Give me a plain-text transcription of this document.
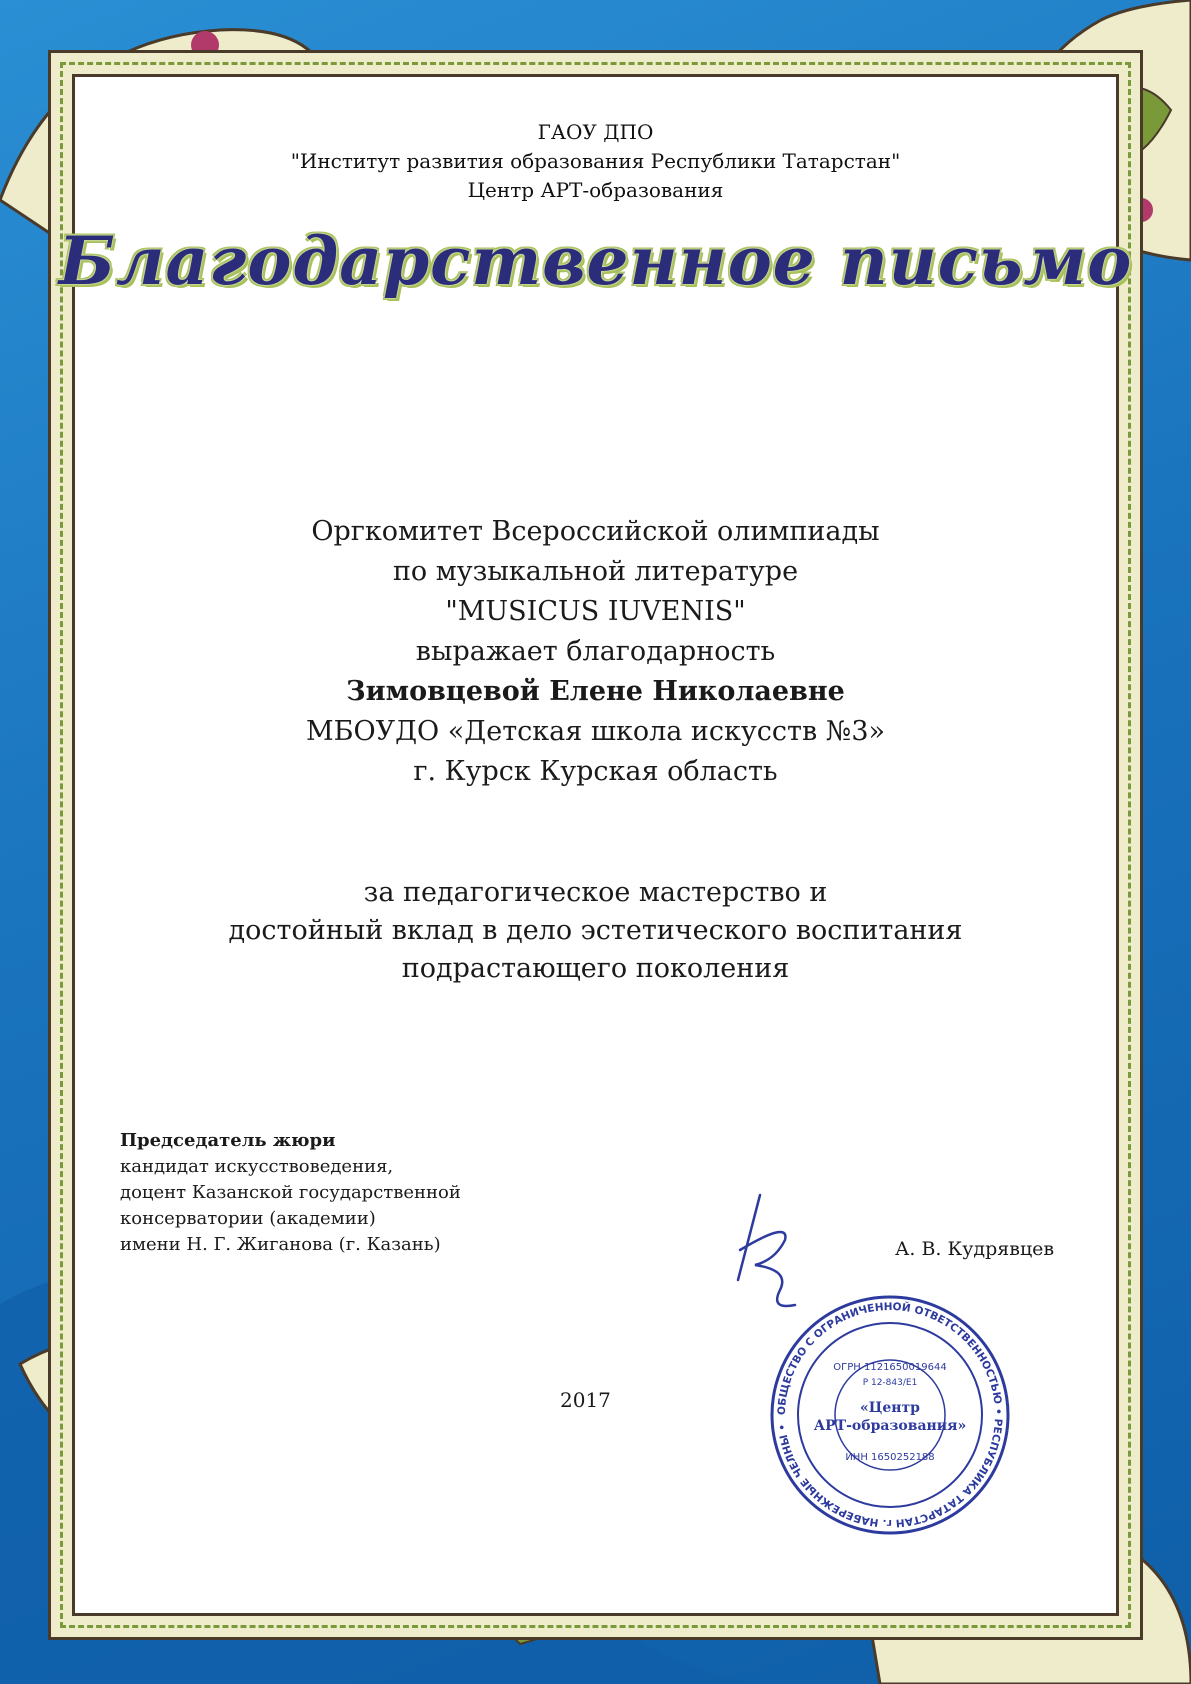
ГАОУ ДПО
"Институт развития образования Республики Татарстан"
Центр АРТ-образования
Благодарственное письмо
Оргкомитет Всероссийской олимпиады
по музыкальной литературе
"MUSICUS IUVENIS"
выражает благодарность
Зимовцевой Елене Николаевне
МБОУДО «Детская школа искусств №3»
г. Курск Курская область
за педагогическое мастерство и
достойный вклад в дело эстетического воспитания
подрастающего поколения
Председатель жюри
кандидат искусствоведения,
доцент Казанской государственной
консерватории (академии)
имени Н. Г. Жиганова (г. Казань)	А. В. Кудрявцев
2017	ОБЩЕСТВО С ОГРАНИЧЕННОЙ ОТВЕТСТВЕННОСТЬЮ • РЕСПУБЛИКА ТАТАРСТАН г. НАБЕРЕЖНЫЕ ЧЕЛНЫ •
ОГРН 1121650019644
Р 12-843/Е1
«Центр
АРТ-образования»
ИНН 1650252188
